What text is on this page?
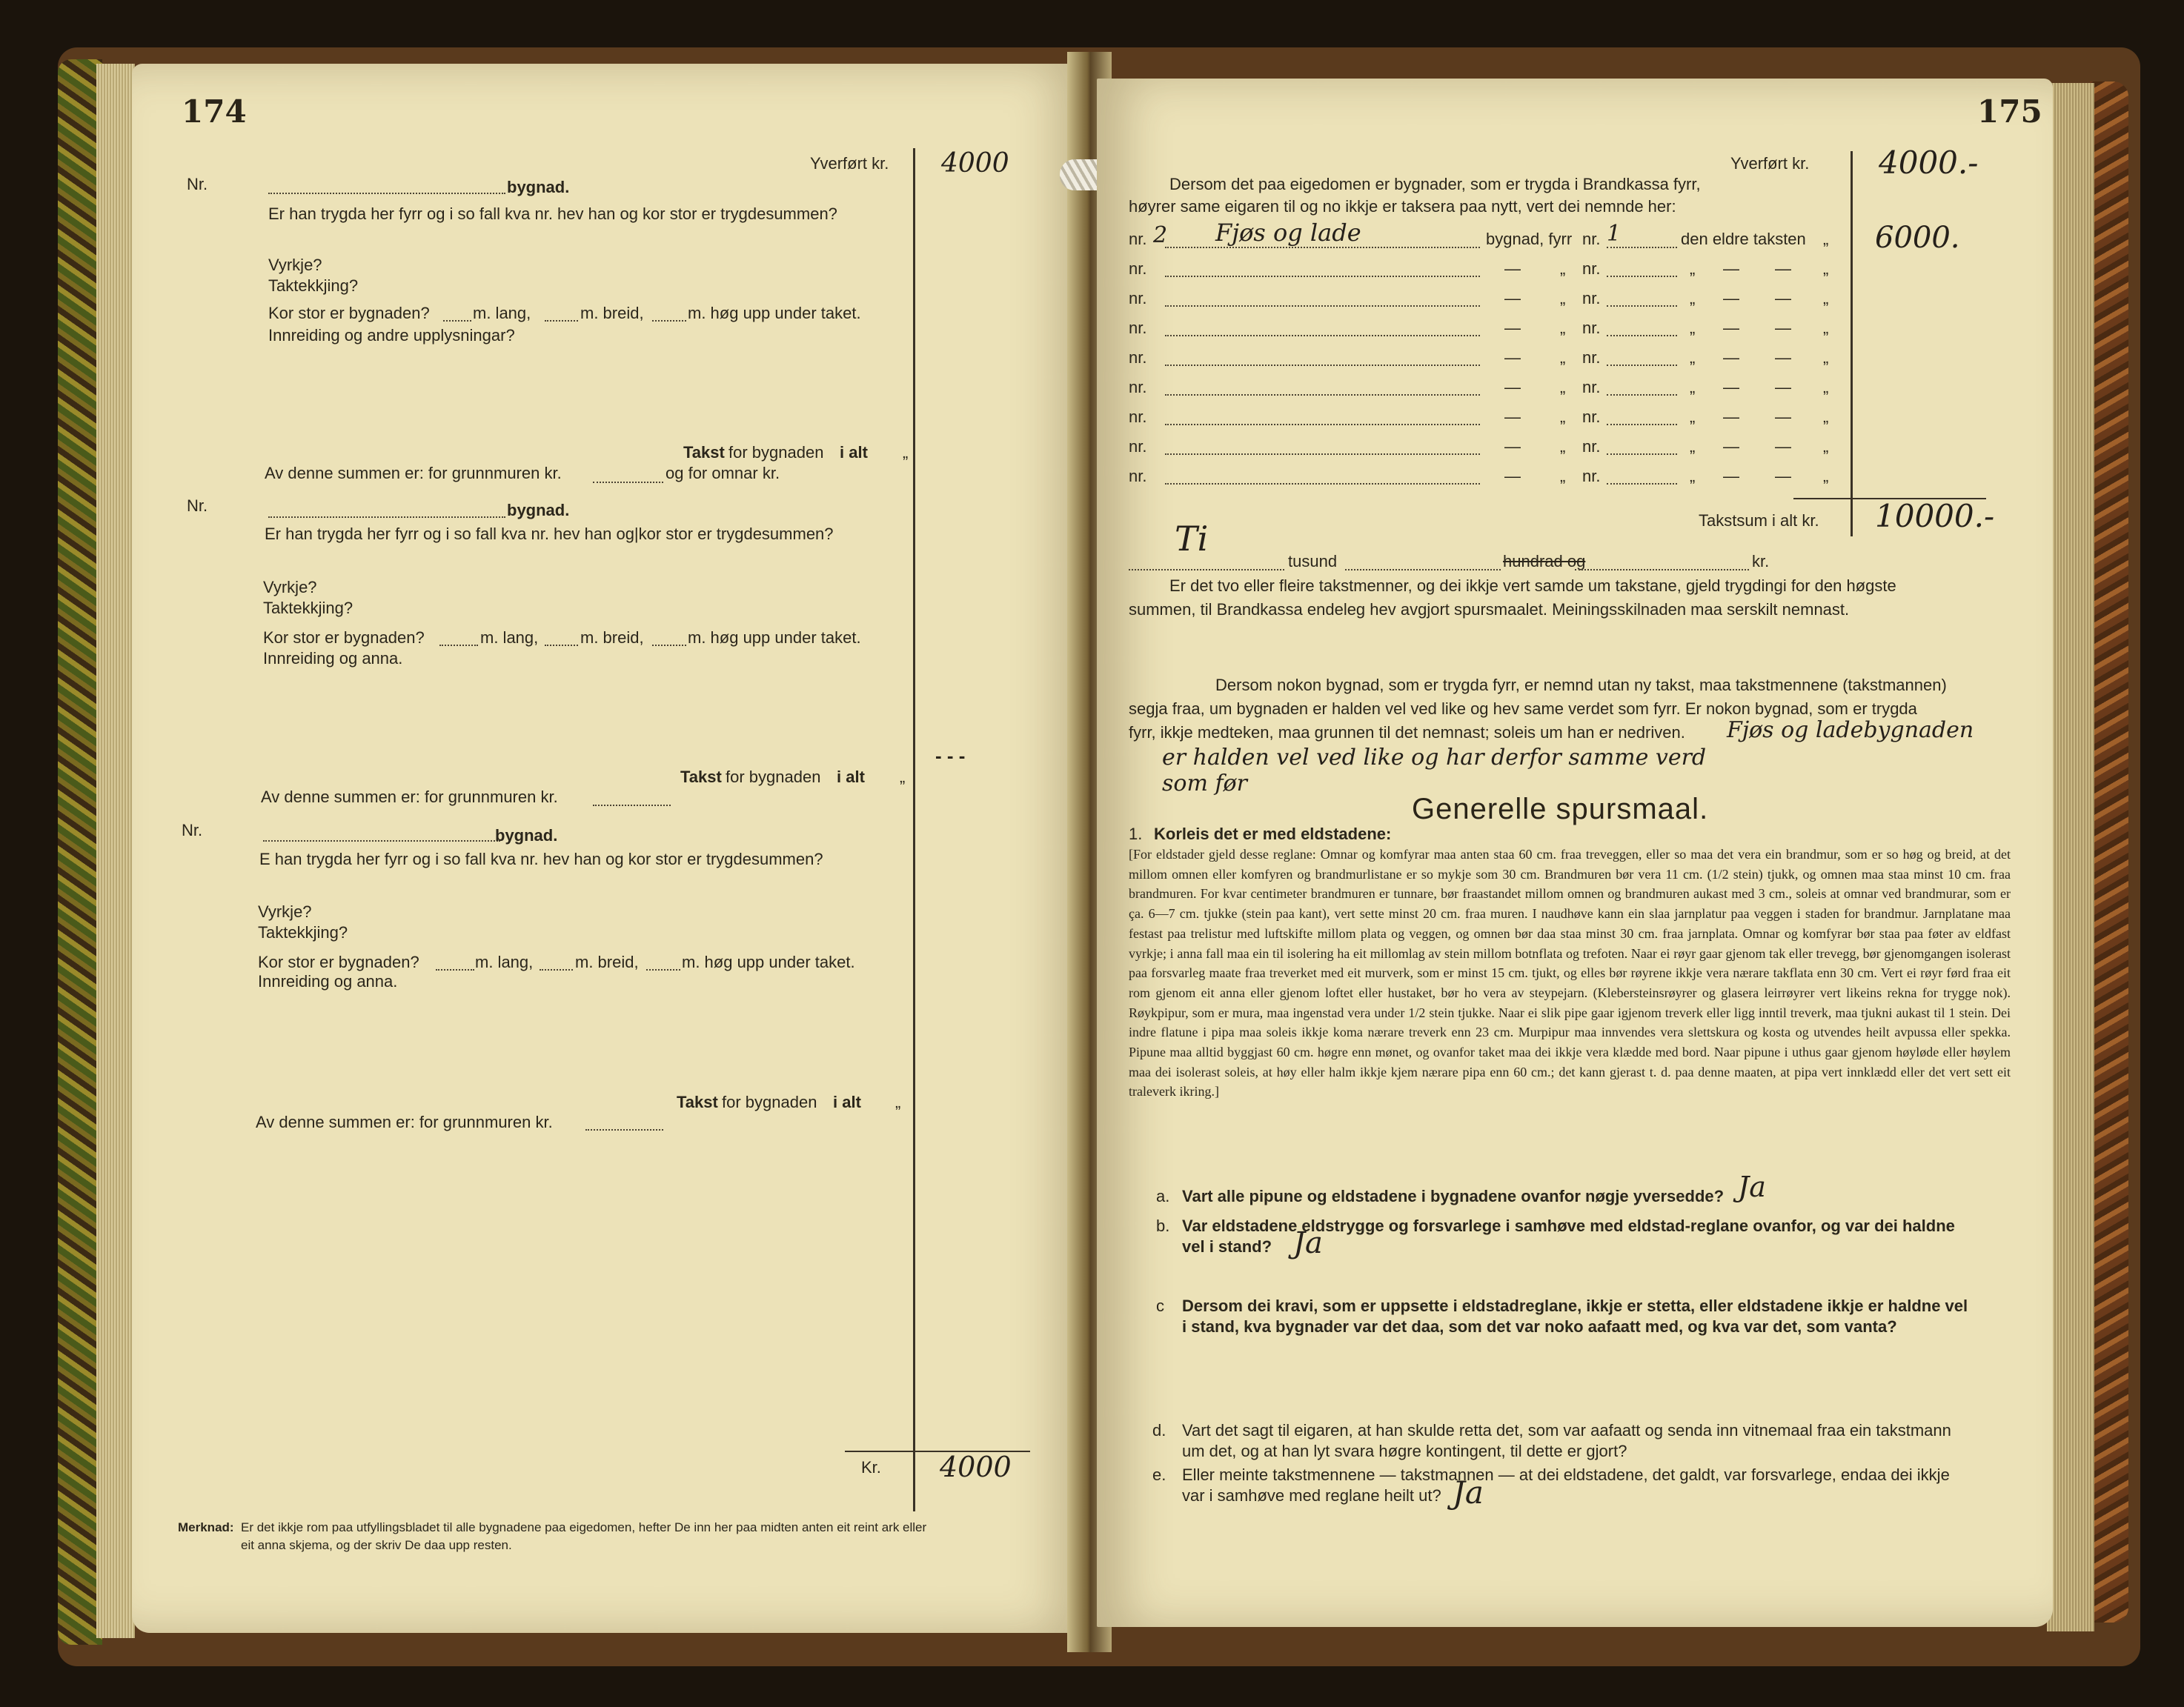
174
Yverført kr. 4000
Nr.	bygnad.
Er han trygda her fyrr og i so fall kva nr. hev han og kor stor er trygdesummen?
Vyrkje?
Taktekkjing?
Kor stor er bygnaden?	m. lang,	m. breid,	m. høg upp under taket.
Innreiding og andre upplysningar?
Takst for bygnaden i alt „
Av denne summen er: for grunnmuren kr.	og for omnar kr.
Nr.	bygnad.
Er han trygda her fyrr og i so fall kva nr. hev han og|kor stor er trygdesummen?
Vyrkje?
Taktekkjing?
Kor stor er bygnaden?	m. lang,	m. breid,	m. høg upp under taket.
Innreiding og anna.
- - -
Takst for bygnaden i alt „
Av denne summen er: for grunnmuren kr.
Nr.	bygnad.
E han trygda her fyrr og i so fall kva nr. hev han og kor stor er trygdesummen?
Vyrkje?
Taktekkjing?
Kor stor er bygnaden?	m. lang,	m. breid,	m. høg upp under taket.
Innreiding og anna.
Takst for bygnaden i alt „
Av denne summen er: for grunnmuren kr.
Kr. 4000
Merknad: Er det ikkje rom paa utfyllingsbladet til alle bygnadene paa eigedomen, hefter De inn her paa midten anten eit reint ark eller
eit anna skjema, og der skriv De daa upp resten.
175
Yverført kr. 4000.-
Dersom det paa eigedomen er bygnader, som er trygda i Brandkassa fyrr,
høyrer same eigaren til og no ikkje er taksera paa nytt, vert dei nemnde her:
nr. 2 Fjøs og lade	bygnad, fyrr nr. 1	den eldre taksten „ 6000.
nr.	— „ nr.	„ — — „
nr.	— „ nr.	„ — — „
nr.	— „ nr.	„ — — „
nr.	— „ nr.	„ — — „
nr.	— „ nr.	„ — — „
nr.	— „ nr.	„ — — „
nr.	— „ nr.	„ — — „
nr.	— „ nr.	„ — — „
Takstsum i alt kr. 10000.-
Ti
tusund	hundrad og	kr.
Er det tvo eller fleire takstmenner, og dei ikkje vert samde um takstane, gjeld trygdingi for den høgste
summen, til Brandkassa endeleg hev avgjort spursmaalet. Meiningsskilnaden maa serskilt nemnast.
Dersom nokon bygnad, som er trygda fyrr, er nemnd utan ny takst, maa takstmennene (takstmannen)
segja fraa, um bygnaden er halden vel ved like og hev same verdet som fyrr. Er nokon bygnad, som er trygda
fyrr, ikkje medteken, maa grunnen til det nemnast; soleis um han er nedriven. Fjøs og ladebygnaden
er halden vel ved like og har derfor samme verd
som før
Generelle spursmaal.
1. Korleis det er med eldstadene:
[For eldstader gjeld desse reglane: Omnar og komfyrar maa anten staa 60 cm. fraa treveggen, eller so maa det vera ein brandmur, som er so høg og breid, at det millom omnen eller komfyren og brandmurlistane er so mykje som 30 cm. Brandmuren bør vera 11 cm. (1/2 stein) tjukk, og omnen maa staa minst 10 cm. fraa brandmuren. For kvar centimeter brandmuren er tunnare, bør fraastandet millom omnen og brandmuren aukast med 3 cm., soleis at omnar ved brandmurar, som er ça. 6—7 cm. tjukke (stein paa kant), vert sette minst 20 cm. fraa muren. I naudhøve kann ein slaa jarnplatur paa veggen i staden for brandmur. Jarnplatane maa festast paa trelistur med luftskifte millom plata og veggen, og omnen bør daa staa minst 30 cm. fraa jarnplata. Omnar og komfyrar bør staa paa føter av eldfast vyrkje; i anna fall maa ein til isolering ha eit millomlag av stein millom botnflata og trefoten. Naar ei røyr gaar gjenom tak eller trevegg, bør gjenomgangen isolerast paa forsvarleg maate fraa treverket med eit murverk, som er minst 15 cm. tjukt, og elles bør røyrene ikkje vera nærare takflata enn 30 cm. Vert ei røyr førd fraa eit rom gjenom eit anna eller gjenom loftet eller hustaket, bør ho vera av steypejarn. (Klebersteinsrøyrer og glasera leirrøyrer vert likeins rekna for trygge nok). Røykpipur, som er mura, maa ingenstad vera under 1/2 stein tjukke. Naar ei slik pipe gaar igjenom treverk eller ligg inntil treverk, maa tjukni aukast til 1 stein. Dei indre flatune i pipa maa soleis ikkje koma nærare treverk enn 23 cm. Murpipur maa innvendes vera slettskura og kosta og utvendes heilt avpussa eller spekka. Pipune maa alltid byggjast 60 cm. høgre enn mønet, og ovanfor taket maa dei ikkje vera klædde med bord. Naar pipune i uthus gaar gjenom høyløde eller høylem maa dei isolerast soleis, at høy eller halm ikkje kjem nærare pipa enn 60 cm.; det kann gjerast t. d. paa denne maaten, at pipa vert innklædd eller det vert sett eit traleverk ikring.]
a. Vart alle pipune og eldstadene i bygnadene ovanfor nøgje yversedde? Ja
b. Var eldstadene eldstrygge og forsvarlege i samhøve med eldstad-reglane ovanfor, og var dei haldne
vel i stand? Ja
c Dersom dei kravi, som er uppsette i eldstadreglane, ikkje er stetta, eller eldstadene ikkje er haldne vel
i stand, kva bygnader var det daa, som det var noko aafaatt med, og kva var det, som vanta?
d. Vart det sagt til eigaren, at han skulde retta det, som var aafaatt og senda inn vitnemaal fraa ein takstmann
um det, og at han lyt svara høgre kontingent, til dette er gjort?
e. Eller meinte takstmennene — takstmannen — at dei eldstadene, det galdt, var forsvarlege, endaa dei ikkje
var i samhøve med reglane heilt ut? Ja
